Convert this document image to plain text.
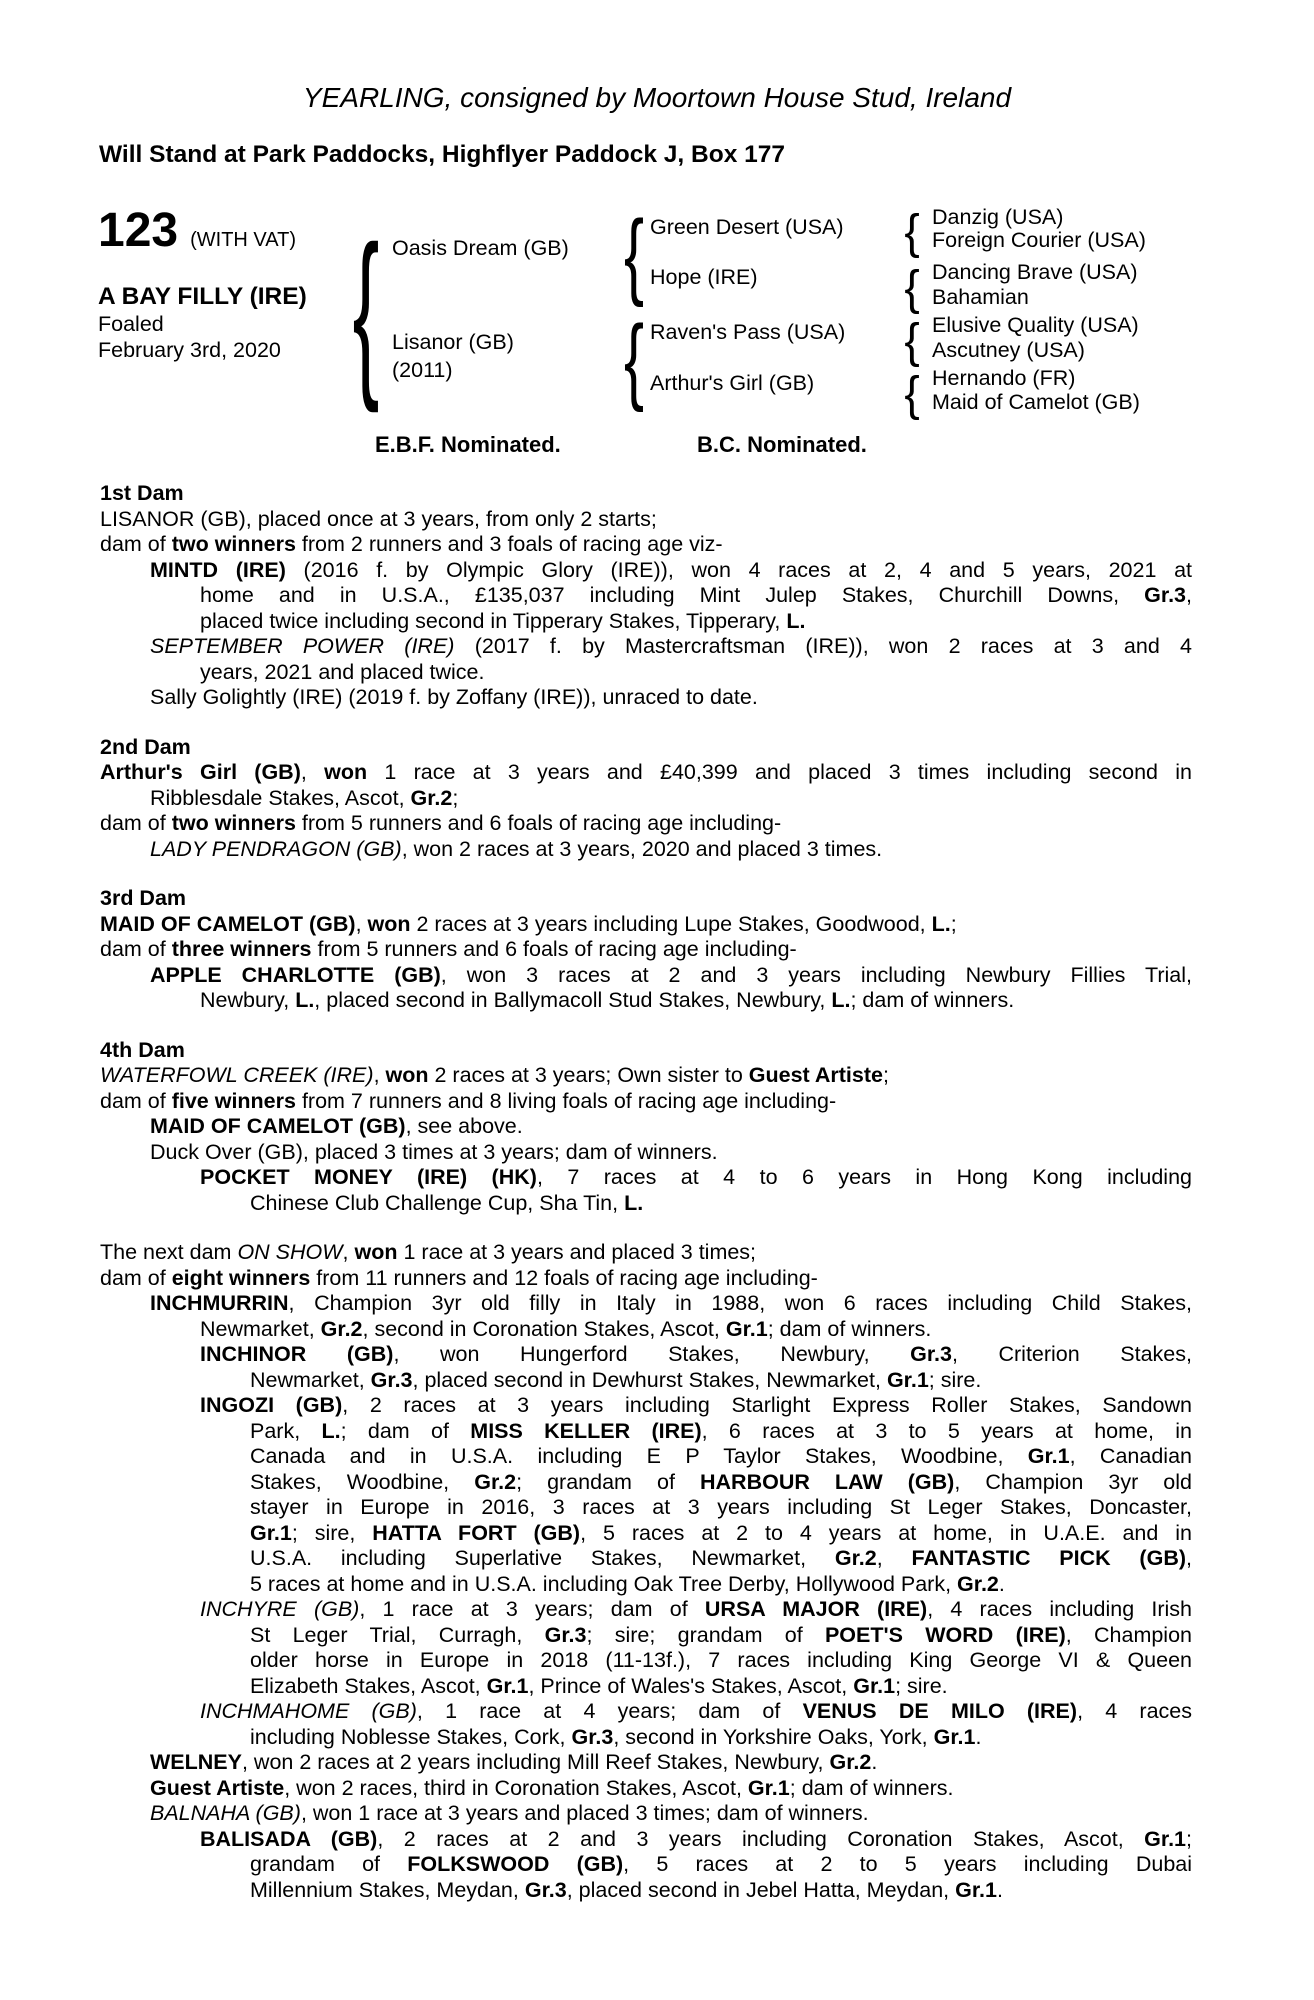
YEARLING, consigned by Moortown House Stud, Ireland
Will Stand at Park Paddocks, Highflyer Paddock J, Box 177
123 (WITH VAT)
A BAY FILLY (IRE)
Foaled
February 3rd, 2020
{
Oasis Dream (GB)
Lisanor (GB)
(2011)
{
{
Green Desert (USA)
Hope (IRE)
Raven's Pass (USA)
Arthur's Girl (GB)
{
{
{
{
Danzig (USA)
Foreign Courier (USA)
Dancing Brave (USA)
Bahamian
Elusive Quality (USA)
Ascutney (USA)
Hernando (FR)
Maid of Camelot (GB)
E.B.F. Nominated.	B.C. Nominated.
1st Dam
LISANOR (GB), placed once at 3 years, from only 2 starts;
dam of two winners from 2 runners and 3 foals of racing age viz-
MINTD (IRE) (2016 f. by Olympic Glory (IRE)), won 4 races at 2, 4 and 5 years, 2021 at
home and in U.S.A., £135,037 including Mint Julep Stakes, Churchill Downs, Gr.3,
placed twice including second in Tipperary Stakes, Tipperary, L.
SEPTEMBER POWER (IRE) (2017 f. by Mastercraftsman (IRE)), won 2 races at 3 and 4
years, 2021 and placed twice.
Sally Golightly (IRE) (2019 f. by Zoffany (IRE)), unraced to date.
2nd Dam
Arthur's Girl (GB), won 1 race at 3 years and £40,399 and placed 3 times including second in
Ribblesdale Stakes, Ascot, Gr.2;
dam of two winners from 5 runners and 6 foals of racing age including-
LADY PENDRAGON (GB), won 2 races at 3 years, 2020 and placed 3 times.
3rd Dam
MAID OF CAMELOT (GB), won 2 races at 3 years including Lupe Stakes, Goodwood, L.;
dam of three winners from 5 runners and 6 foals of racing age including-
APPLE CHARLOTTE (GB), won 3 races at 2 and 3 years including Newbury Fillies Trial,
Newbury, L., placed second in Ballymacoll Stud Stakes, Newbury, L.; dam of winners.
4th Dam
WATERFOWL CREEK (IRE), won 2 races at 3 years; Own sister to Guest Artiste;
dam of five winners from 7 runners and 8 living foals of racing age including-
MAID OF CAMELOT (GB), see above.
Duck Over (GB), placed 3 times at 3 years; dam of winners.
POCKET MONEY (IRE) (HK), 7 races at 4 to 6 years in Hong Kong including
Chinese Club Challenge Cup, Sha Tin, L.
The next dam ON SHOW, won 1 race at 3 years and placed 3 times;
dam of eight winners from 11 runners and 12 foals of racing age including-
INCHMURRIN, Champion 3yr old filly in Italy in 1988, won 6 races including Child Stakes,
Newmarket, Gr.2, second in Coronation Stakes, Ascot, Gr.1; dam of winners.
INCHINOR (GB), won Hungerford Stakes, Newbury, Gr.3, Criterion Stakes,
Newmarket, Gr.3, placed second in Dewhurst Stakes, Newmarket, Gr.1; sire.
INGOZI (GB), 2 races at 3 years including Starlight Express Roller Stakes, Sandown
Park, L.; dam of MISS KELLER (IRE), 6 races at 3 to 5 years at home, in
Canada and in U.S.A. including E P Taylor Stakes, Woodbine, Gr.1, Canadian
Stakes, Woodbine, Gr.2; grandam of HARBOUR LAW (GB), Champion 3yr old
stayer in Europe in 2016, 3 races at 3 years including St Leger Stakes, Doncaster,
Gr.1; sire, HATTA FORT (GB), 5 races at 2 to 4 years at home, in U.A.E. and in
U.S.A. including Superlative Stakes, Newmarket, Gr.2, FANTASTIC PICK (GB),
5 races at home and in U.S.A. including Oak Tree Derby, Hollywood Park, Gr.2.
INCHYRE (GB), 1 race at 3 years; dam of URSA MAJOR (IRE), 4 races including Irish
St Leger Trial, Curragh, Gr.3; sire; grandam of POET'S WORD (IRE), Champion
older horse in Europe in 2018 (11-13f.), 7 races including King George VI & Queen
Elizabeth Stakes, Ascot, Gr.1, Prince of Wales's Stakes, Ascot, Gr.1; sire.
INCHMAHOME (GB), 1 race at 4 years; dam of VENUS DE MILO (IRE), 4 races
including Noblesse Stakes, Cork, Gr.3, second in Yorkshire Oaks, York, Gr.1.
WELNEY, won 2 races at 2 years including Mill Reef Stakes, Newbury, Gr.2.
Guest Artiste, won 2 races, third in Coronation Stakes, Ascot, Gr.1; dam of winners.
BALNAHA (GB), won 1 race at 3 years and placed 3 times; dam of winners.
BALISADA (GB), 2 races at 2 and 3 years including Coronation Stakes, Ascot, Gr.1;
grandam of FOLKSWOOD (GB), 5 races at 2 to 5 years including Dubai
Millennium Stakes, Meydan, Gr.3, placed second in Jebel Hatta, Meydan, Gr.1.
